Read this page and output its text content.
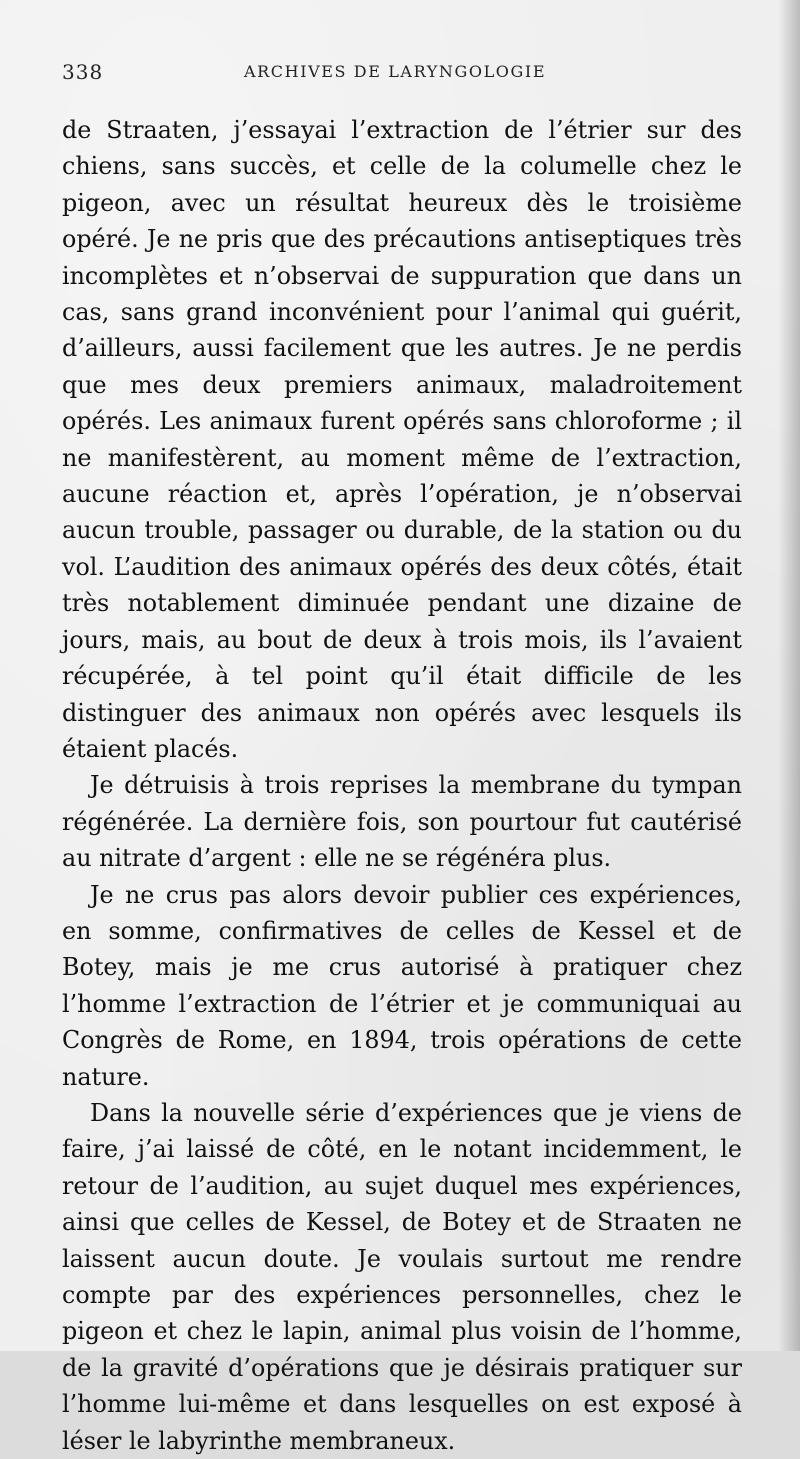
338	ARCHIVES DE LARYNGOLOGIE

de Straaten, j’essayai l’extraction de l’étrier sur des chiens, sans succès, et celle de la columelle chez le pigeon, avec un résultat heureux dès le troisième opéré. Je ne pris que des précautions antiseptiques très incomplètes et n’observai de suppuration que dans un cas, sans grand inconvénient pour l’animal qui guérit, d’ailleurs, aussi facilement que les autres. Je ne perdis que mes deux premiers animaux, maladroitement opérés. Les animaux furent opérés sans chloroforme ; il ne manifestèrent, au moment même de l’extraction, aucune réaction et, après l’opération, je n’observai aucun trouble, passager ou durable, de la station ou du vol. L’audition des animaux opérés des deux côtés, était très notablement diminuée pendant une dizaine de jours, mais, au bout de deux à trois mois, ils l’avaient récupérée, à tel point qu’il était difficile de les distinguer des animaux non opérés avec lesquels ils étaient placés.

Je détruisis à trois reprises la membrane du tympan régénérée. La dernière fois, son pourtour fut cautérisé au nitrate d’argent : elle ne se régénéra plus.

Je ne crus pas alors devoir publier ces expériences, en somme, confirmatives de celles de Kessel et de Botey, mais je me crus autorisé à pratiquer chez l’homme l’extraction de l’étrier et je communiquai au Congrès de Rome, en 1894, trois opérations de cette nature.

Dans la nouvelle série d’expériences que je viens de faire, j’ai laissé de côté, en le notant incidemment, le retour de l’audition, au sujet duquel mes expériences, ainsi que celles de Kessel, de Botey et de Straaten ne laissent aucun doute. Je voulais surtout me rendre compte par des expériences personnelles, chez le pigeon et chez le lapin, animal plus voisin de l’homme, de la gravité d’opérations que je désirais pratiquer sur l’homme lui-même et dans lesquelles on est exposé à léser le labyrinthe membraneux.
